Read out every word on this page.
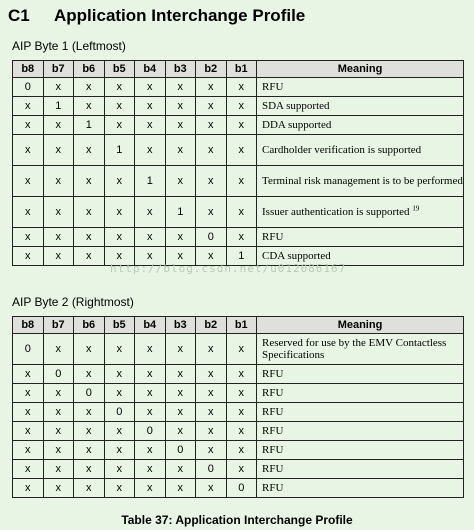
C1 Application Interchange Profile
AIP Byte 1 (Leftmost)
b8	b7	b6	b5	b4	b3	b2	b1	Meaning
0	x	x	x	x	x	x	x	RFU
x	1	x	x	x	x	x	x	SDA supported
x	x	1	x	x	x	x	x	DDA supported
x	x	x	1	x	x	x	x	Cardholder verification is supported
x	x	x	x	1	x	x	x	Terminal risk management is to be performed
x	x	x	x	x	1	x	x	Issuer authentication is supported $^{19}$
x	x	x	x	x	x	0	x	RFU
x	x	x	x	x	x	x	1	CDA supported
http://blog.csdn.net/u012086167
AIP Byte 2 (Rightmost)
b8	b7	b6	b5	b4	b3	b2	b1	Meaning
0	x	x	x	x	x	x	x	Reserved for use by the EMV Contactless Specifications
x	0	x	x	x	x	x	x	RFU
x	x	0	x	x	x	x	x	RFU
x	x	x	0	x	x	x	x	RFU
x	x	x	x	0	x	x	x	RFU
x	x	x	x	x	0	x	x	RFU
x	x	x	x	x	x	0	x	RFU
x	x	x	x	x	x	x	0	RFU
Table 37: Application Interchange Profile
